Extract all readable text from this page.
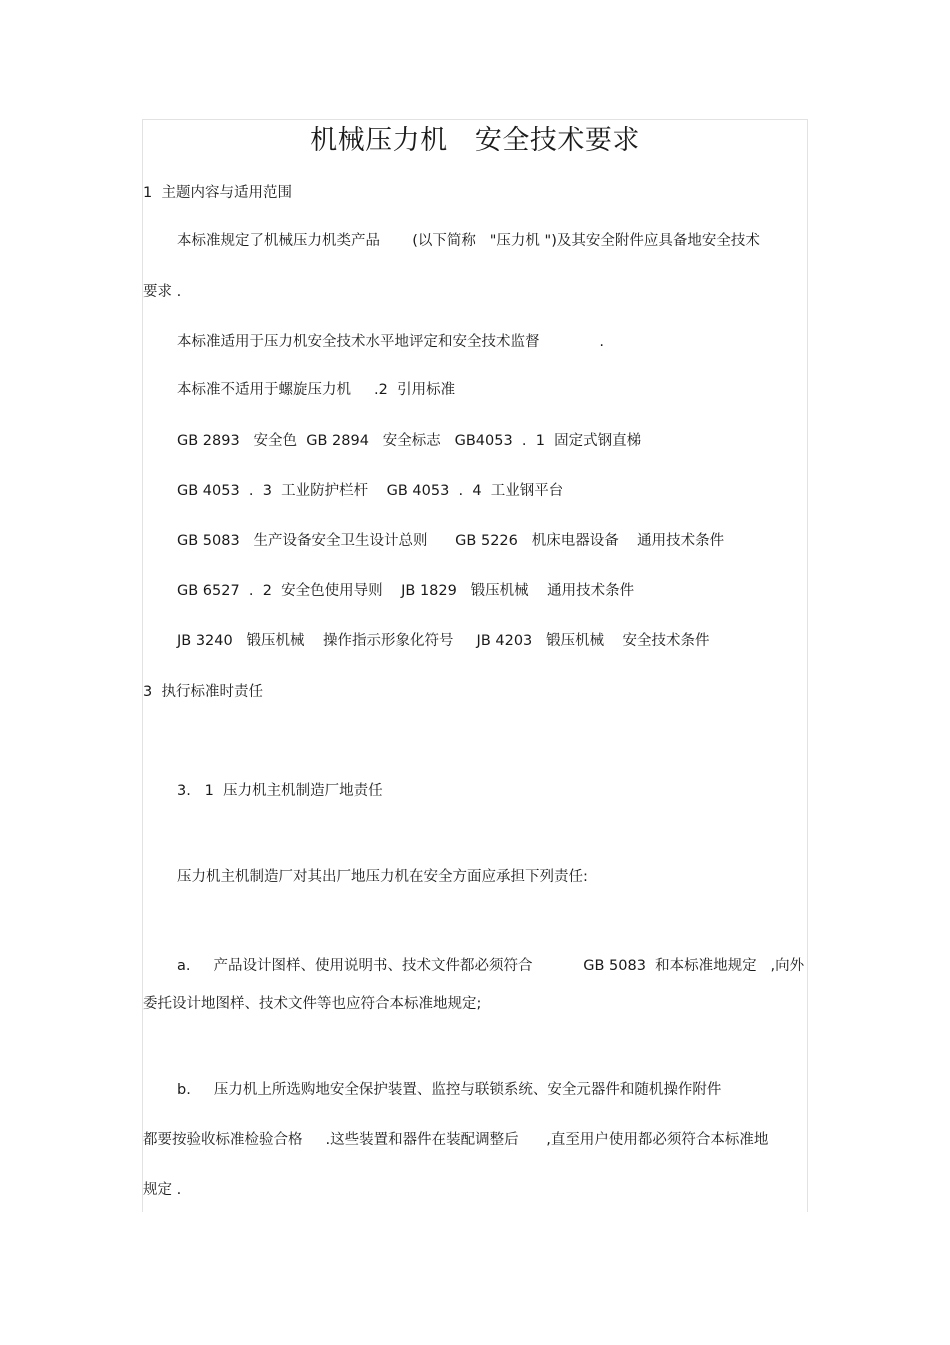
机械压力机   安全技术要求
1  主题内容与适用范围
本标准规定了机械压力机类产品       (以下简称   "压力机 ")及其安全附件应具备地安全技术
要求 .
本标准适用于压力机安全技术水平地评定和安全技术监督             .
本标准不适用于螺旋压力机     .2  引用标准
GB 2893   安全色  GB 2894   安全标志   GB4053  .  1  固定式钢直梯
GB 4053  .  3  工业防护栏杆    GB 4053  .  4  工业钢平台
GB 5083   生产设备安全卫生设计总则      GB 5226   机床电器设备    通用技术条件
GB 6527  .  2  安全色使用导则    JB 1829   锻压机械    通用技术条件
JB 3240   锻压机械    操作指示形象化符号     JB 4203   锻压机械    安全技术条件
3  执行标准时责任
3.   1  压力机主机制造厂地责任
压力机主机制造厂对其出厂地压力机在安全方面应承担下列责任:
a.     产品设计图样、使用说明书、技术文件都必须符合           GB 5083  和本标准地规定   ,向外
委托设计地图样、技术文件等也应符合本标准地规定;
b.     压力机上所选购地安全保护装置、监控与联锁系统、安全元器件和随机操作附件
都要按验收标准检验合格     .这些装置和器件在装配调整后      ,直至用户使用都必须符合本标准地
规定 .
